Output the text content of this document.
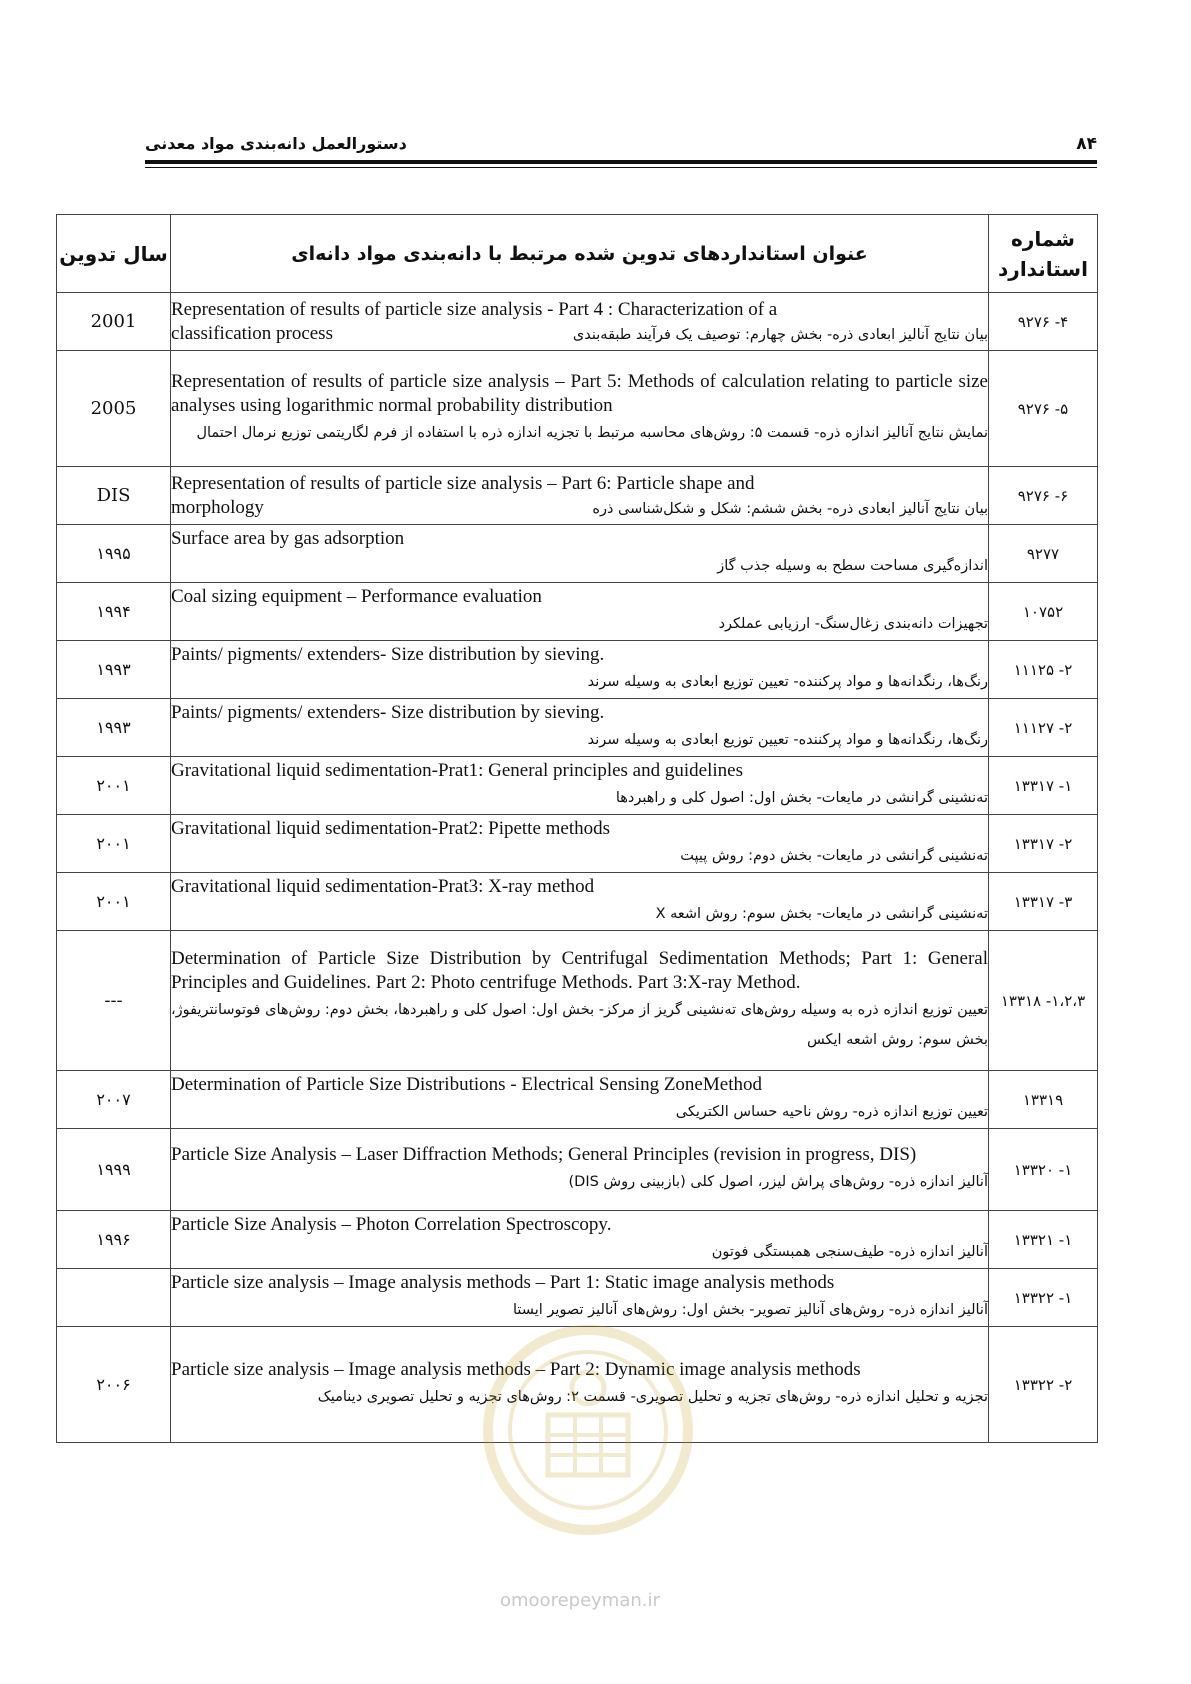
دستورالعمل دانه‌بندی مواد معدنی	۸۴
سال تدوین	عنوان استانداردهای تدوین شده مرتبط با دانه‌بندی مواد دانه‌ای	شماره استاندارد
2001	Representation of results of particle size analysis - Part 4 : Characterization of a
classification process بیان نتایج آنالیز ابعادی ذره- بخش چهارم: توصیف یک فرآیند طبقه‌بندی	۴- ۹۲۷۶
2005	Representation of results of particle size analysis – Part 5: Methods of calculation relating to particle size analyses using logarithmic normal probability distribution
نمایش نتایج آنالیز اندازه ذره- قسمت ۵: روش‌های محاسبه مرتبط با تجزیه اندازه ذره با استفاده از فرم لگاریتمی توزیع نرمال احتمال	۵- ۹۲۷۶
DIS	Representation of results of particle size analysis – Part 6: Particle shape and
morphology بیان نتایج آنالیز ابعادی ذره- بخش ششم: شکل و شکل‌شناسی ذره	۶- ۹۲۷۶
۱۹۹۵	Surface area by gas adsorption
اندازه‌گیری مساحت سطح به وسیله جذب گاز	۹۲۷۷
۱۹۹۴	Coal sizing equipment – Performance evaluation
تجهیزات دانه‌بندی زغال‌سنگ- ارزیابی عملکرد	۱۰۷۵۲
۱۹۹۳	Paints/ pigments/ extenders- Size distribution by sieving.
رنگ‌ها، رنگدانه‌ها و مواد پرکننده- تعیین توزیع ابعادی به وسیله سرند	۲- ۱۱۱۲۵
۱۹۹۳	Paints/ pigments/ extenders- Size distribution by sieving.
رنگ‌ها، رنگدانه‌ها و مواد پرکننده- تعیین توزیع ابعادی به وسیله سرند	۲- ۱۱۱۲۷
۲۰۰۱	Gravitational liquid sedimentation-Prat1: General principles and guidelines
ته‌نشینی گرانشی در مایعات- بخش اول: اصول کلی و راهبردها	۱- ۱۳۳۱۷
۲۰۰۱	Gravitational liquid sedimentation-Prat2: Pipette methods
ته‌نشینی گرانشی در مایعات- بخش دوم: روش پیپت	۲- ۱۳۳۱۷
۲۰۰۱	Gravitational liquid sedimentation-Prat3: X-ray method
ته‌نشینی گرانشی در مایعات- بخش سوم: روش اشعه X	۳- ۱۳۳۱۷
---	Determination of Particle Size Distribution by Centrifugal Sedimentation Methods; Part 1: General Principles and Guidelines. Part 2: Photo centrifuge Methods. Part 3:X-ray Method.
تعیین توزیع اندازه ذره به وسیله روش‌های ته‌نشینی گریز از مرکز- بخش اول: اصول کلی و راهبردها، بخش دوم: روش‌های فوتوسانتریفوژ، بخش سوم: روش اشعه ایکس	۱،۲،۳- ۱۳۳۱۸
۲۰۰۷	Determination of Particle Size Distributions - Electrical Sensing ZoneMethod
تعیین توزیع اندازه ذره- روش ناحیه حساس الکتریکی	۱۳۳۱۹
۱۹۹۹	Particle Size Analysis – Laser Diffraction Methods; General Principles (revision in progress, DIS)
آنالیز اندازه ذره- روش‌های پراش لیزر، اصول کلی (بازبینی روش DIS)	۱- ۱۳۳۲۰
۱۹۹۶	Particle Size Analysis – Photon Correlation Spectroscopy.
آنالیز اندازه ذره- طیف‌سنجی همبستگی فوتون	۱- ۱۳۳۲۱

	Particle size analysis – Image analysis methods – Part 1: Static image analysis methods
آنالیز اندازه ذره- روش‌های آنالیز تصویر- بخش اول: روش‌های آنالیز تصویر ایستا	۱- ۱۳۳۲۲
۲۰۰۶	Particle size analysis – Image analysis methods – Part 2: Dynamic image analysis methods
تجزیه و تحلیل اندازه ذره- روش‌های تجزیه و تحلیل تصویری- قسمت ۲: روش‌های تجزیه و تحلیل تصویری دینامیک	۲- ۱۳۳۲۲
omoorepeyman.ir
